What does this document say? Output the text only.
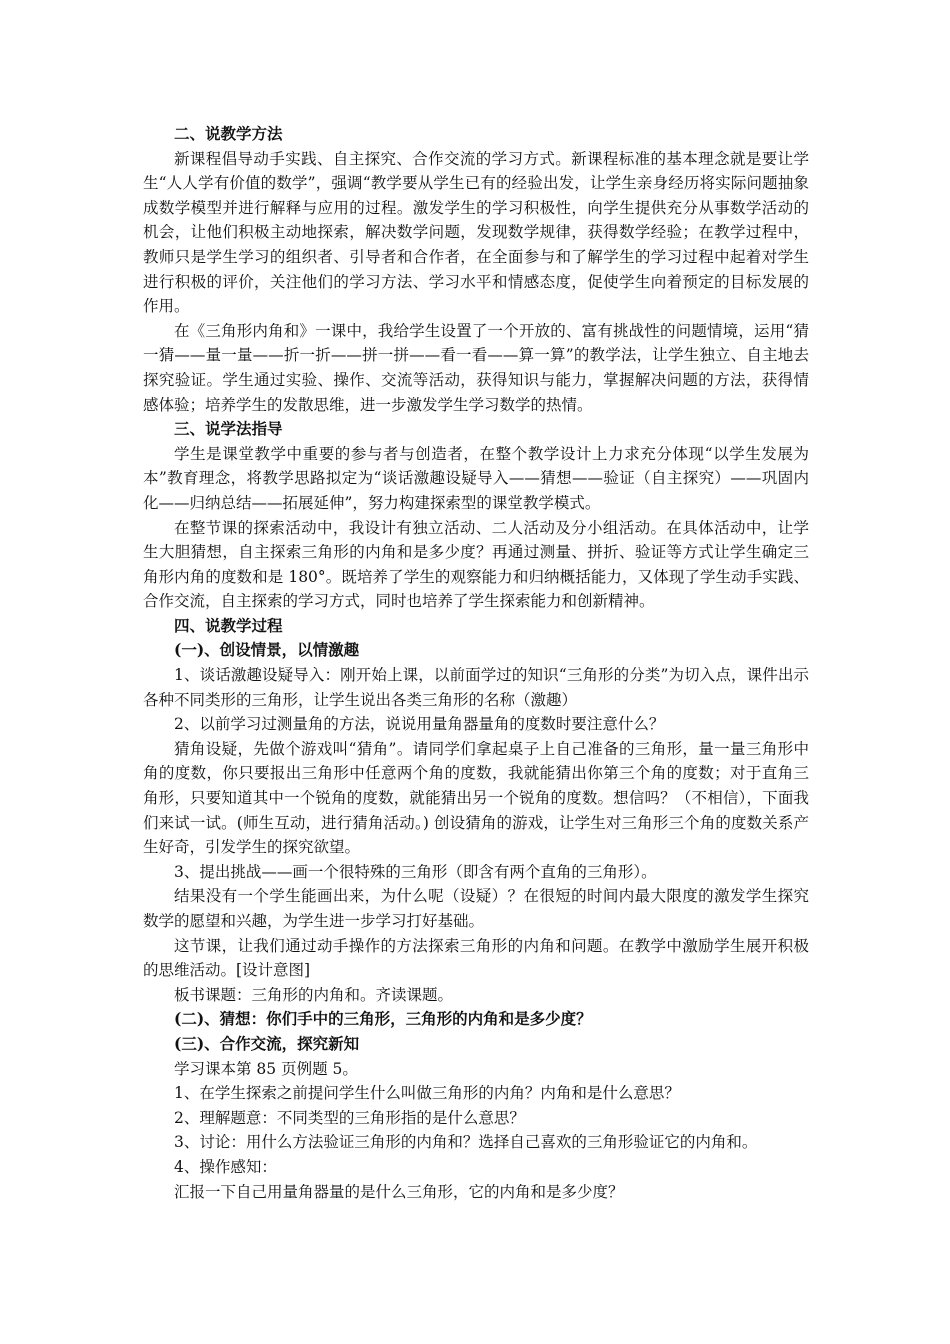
二、说教学方法

新课程倡导动手实践、自主探究、合作交流的学习方式。新课程标准的基本理念就是要让学生“人人学有价值的数学”，强调“教学要从学生已有的经验出发，让学生亲身经历将实际问题抽象成数学模型并进行解释与应用的过程。激发学生的学习积极性，向学生提供充分从事数学活动的机会，让他们积极主动地探索，解决数学问题，发现数学规律，获得数学经验；在教学过程中，教师只是学生学习的组织者、引导者和合作者，在全面参与和了解学生的学习过程中起着对学生进行积极的评价，关注他们的学习方法、学习水平和情感态度，促使学生向着预定的目标发展的作用。

在《三角形内角和》一课中，我给学生设置了一个开放的、富有挑战性的问题情境，运用“猜一猜——量一量——折一折——拼一拼——看一看——算一算”的教学法，让学生独立、自主地去探究验证。学生通过实验、操作、交流等活动，获得知识与能力，掌握解决问题的方法，获得情感体验；培养学生的发散思维，进一步激发学生学习数学的热情。

三、说学法指导

学生是课堂教学中重要的参与者与创造者，在整个教学设计上力求充分体现“以学生发展为本”教育理念，将教学思路拟定为“谈话激趣设疑导入——猜想——验证（自主探究）——巩固内化——归纳总结——拓展延伸”，努力构建探索型的课堂教学模式。

在整节课的探索活动中，我设计有独立活动、二人活动及分小组活动。在具体活动中，让学生大胆猜想，自主探索三角形的内角和是多少度？再通过测量、拼折、验证等方式让学生确定三角形内角的度数和是 180°。既培养了学生的观察能力和归纳概括能力，又体现了学生动手实践、合作交流，自主探索的学习方式，同时也培养了学生探索能力和创新精神。

四、说教学过程

(一)、创设情景，以情激趣

1、谈话激趣设疑导入：刚开始上课，以前面学过的知识“三角形的分类”为切入点，课件出示各种不同类形的三角形，让学生说出各类三角形的名称（激趣）

2、以前学习过测量角的方法，说说用量角器量角的度数时要注意什么？

猜角设疑，先做个游戏叫“猜角”。请同学们拿起桌子上自己准备的三角形，量一量三角形中角的度数，你只要报出三角形中任意两个角的度数，我就能猜出你第三个角的度数；对于直角三角形，只要知道其中一个锐角的度数，就能猜出另一个锐角的度数。想信吗？（不相信），下面我们来试一试。(师生互动，进行猜角活动。) 创设猜角的游戏，让学生对三角形三个角的度数关系产生好奇，引发学生的探究欲望。

3、提出挑战——画一个很特殊的三角形（即含有两个直角的三角形）。

结果没有一个学生能画出来，为什么呢（设疑）？在很短的时间内最大限度的激发学生探究数学的愿望和兴趣，为学生进一步学习打好基础。

这节课，让我们通过动手操作的方法探索三角形的内角和问题。在教学中激励学生展开积极的思维活动。[设计意图]

板书课题：三角形的内角和。齐读课题。

(二)、猜想：你们手中的三角形，三角形的内角和是多少度？

(三)、合作交流，探究新知

学习课本第 85 页例题 5。

1、在学生探索之前提问学生什么叫做三角形的内角？内角和是什么意思？

2、理解题意：不同类型的三角形指的是什么意思？

3、讨论：用什么方法验证三角形的内角和？选择自己喜欢的三角形验证它的内角和。

4、操作感知：

汇报一下自己用量角器量的是什么三角形，它的内角和是多少度？
